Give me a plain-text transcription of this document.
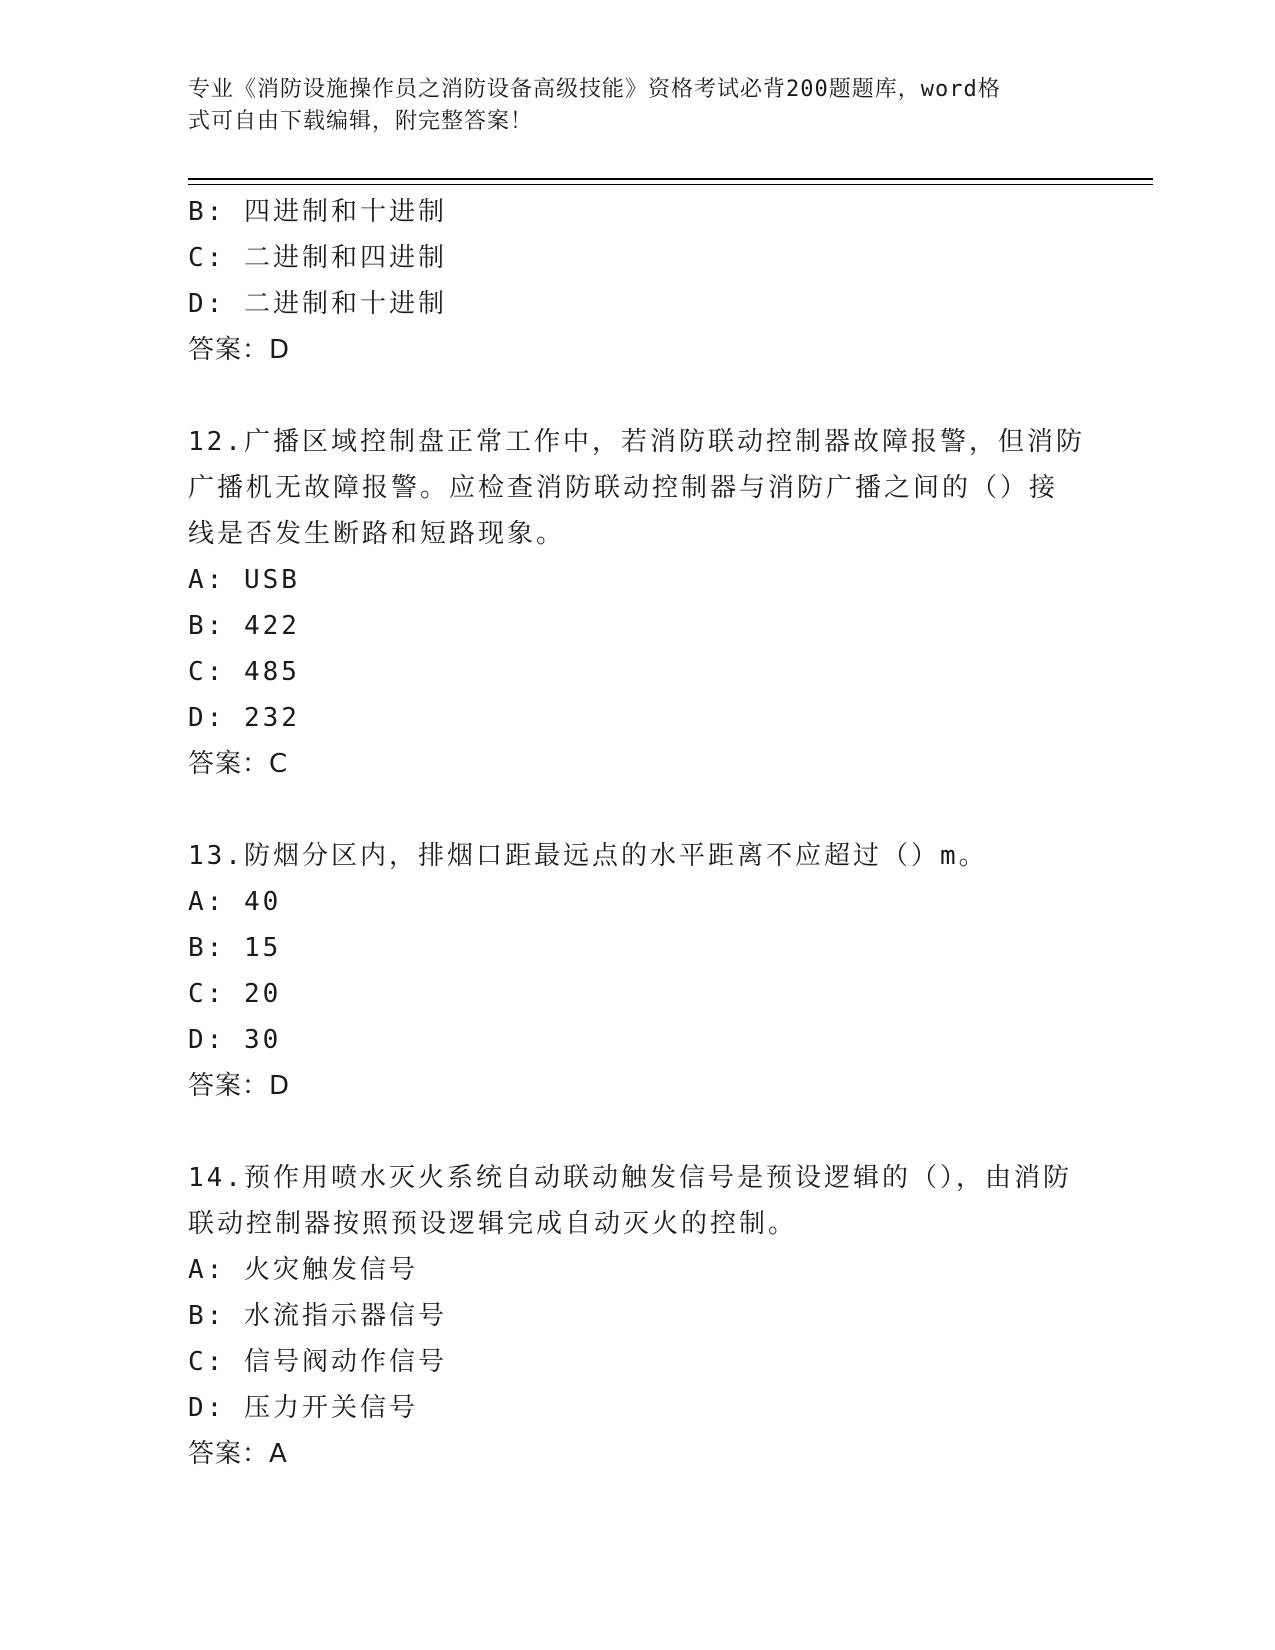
专业《消防设施操作员之消防设备高级技能》资格考试必背200题题库，word格
式可自由下载编辑，附完整答案！
B: 四进制和十进制
C: 二进制和四进制
D: 二进制和十进制
答案：D
12.广播区域控制盘正常工作中，若消防联动控制器故障报警，但消防
广播机无故障报警。应检查消防联动控制器与消防广播之间的（）接
线是否发生断路和短路现象。
A: USB
B: 422
C: 485
D: 232
答案：C
13.防烟分区内，排烟口距最远点的水平距离不应超过（）m。
A: 40
B: 15
C: 20
D: 30
答案：D
14.预作用喷水灭火系统自动联动触发信号是预设逻辑的（），由消防
联动控制器按照预设逻辑完成自动灭火的控制。
A: 火灾触发信号
B: 水流指示器信号
C: 信号阀动作信号
D: 压力开关信号
答案：A
